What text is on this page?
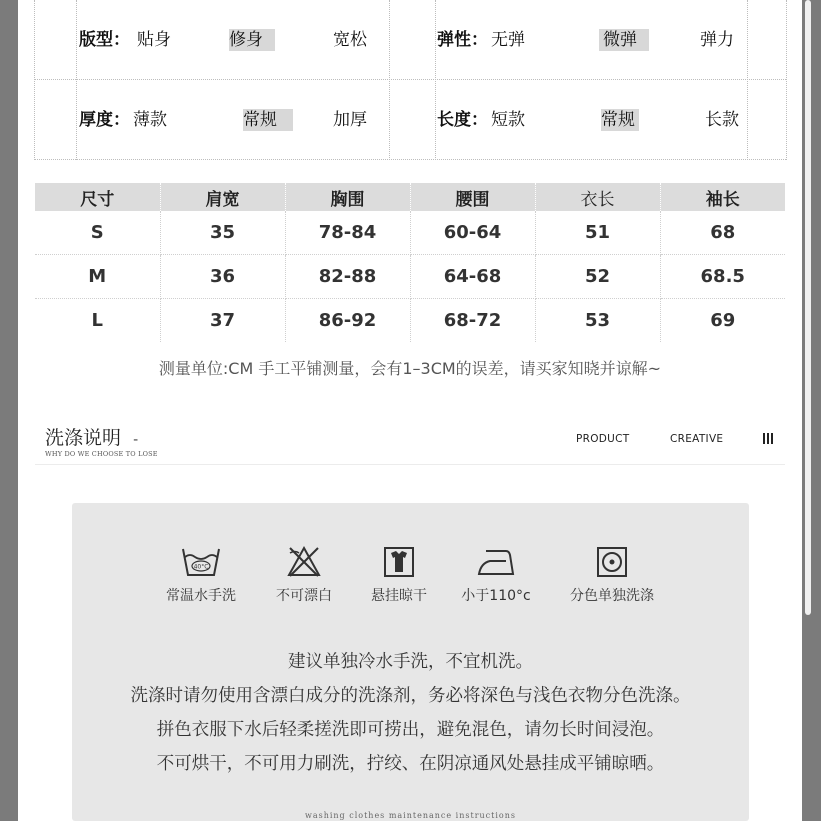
版型： 贴身	修身	宽松	弹性： 无弹	微弹	弹力
厚度： 薄款	常规	加厚	长度： 短款	常规	长款
尺寸	肩宽	胸围	腰围	衣长	袖长
S	35	78-84	60-64	51	68
M	36	82-88	64-68	52	68.5
L	37	86-92	68-72	53	69
测量单位:CM 手工平铺测量，会有1–3CM的误差，请买家知晓并谅解~
洗涤说明 -
WHY DO WE CHOOSE TO LOSE
PRODUCT	CREATIVE
40°C
常温水手洗	不可漂白	悬挂晾干	小于110°c	分色单独洗涤
建议单独冷水手洗，不宜机洗。
洗涤时请勿使用含漂白成分的洗涤剂，务必将深色与浅色衣物分色洗涤。
拼色衣服下水后轻柔搓洗即可捞出，避免混色，请勿长时间浸泡。
不可烘干，不可用力刷洗，拧绞、在阴凉通风处悬挂成平铺晾晒。
washing clothes maintenance instructions
